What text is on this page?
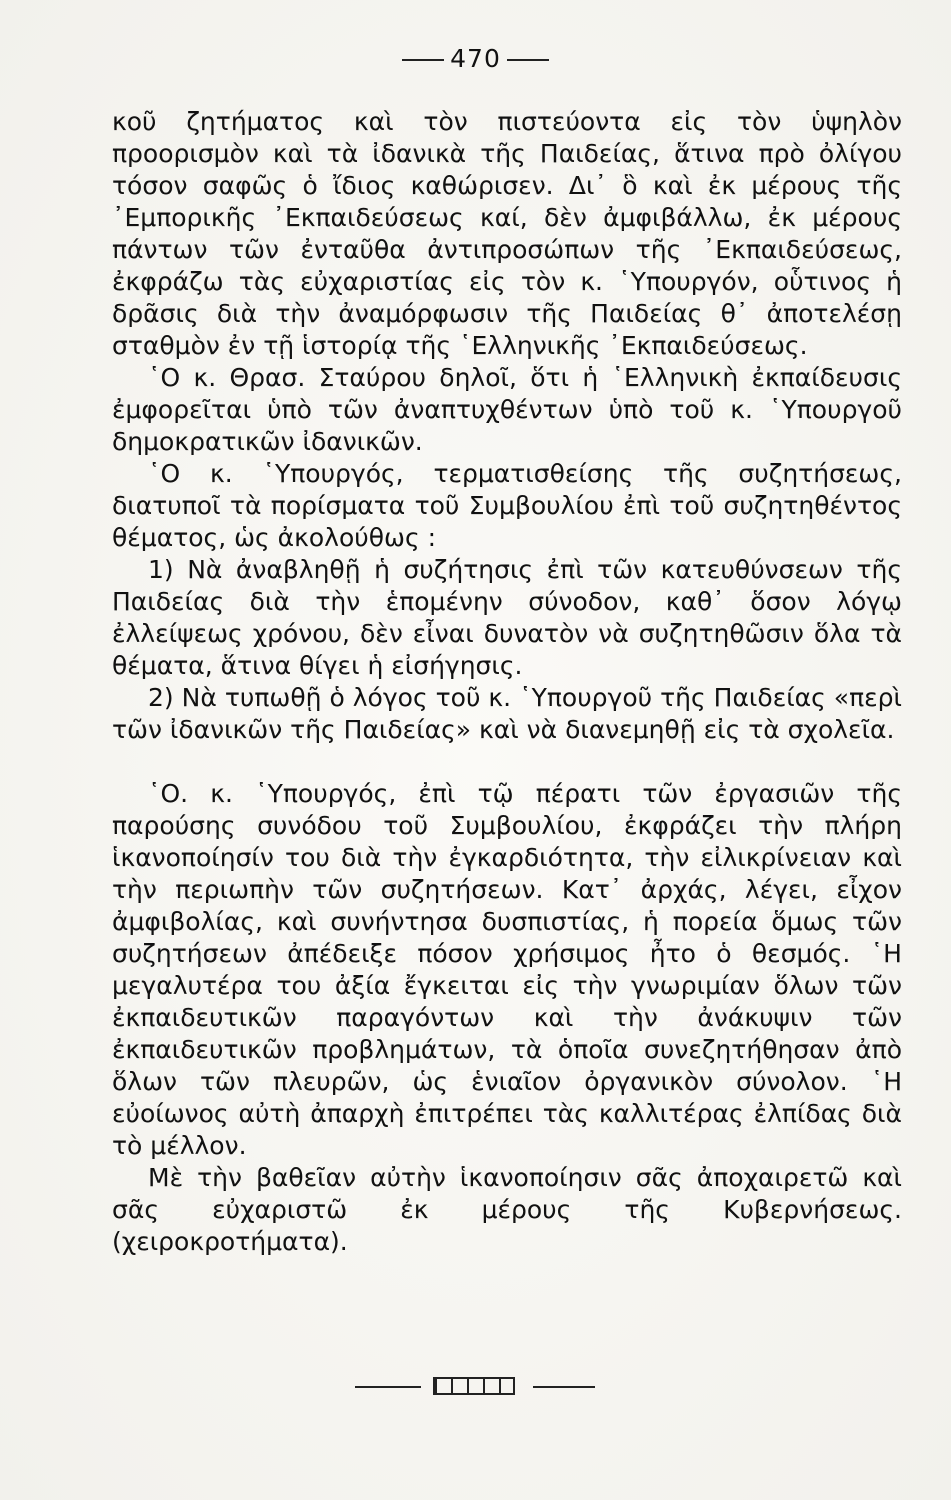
470

κοῦ ζητήματος καὶ τὸν πιστεύοντα εἰς τὸν ὑψηλὸν προορισμὸν καὶ τὰ ἰδανικὰ τῆς Παιδείας, ἅτινα πρὸ ὀλίγου τόσον σαφῶς ὁ ἴδιος καθώρισεν. Δι᾿ ὃ καὶ ἐκ μέρους τῆς ᾿Εμπορικῆς ᾿Εκπαιδεύσεως καί, δὲν ἀμφιβάλλω, ἐκ μέρους πάντων τῶν ἐνταῦθα ἀντιπροσώπων τῆς ᾿Εκπαιδεύσεως, ἐκφράζω τὰς εὐχαριστίας εἰς τὸν κ. ῾Υπουργόν, οὗτινος ἡ δρᾶσις διὰ τὴν ἀναμόρφωσιν τῆς Παιδείας θ᾿ ἀποτελέσῃ σταθμὸν ἐν τῇ ἱστορίᾳ τῆς ῾Ελληνικῆς ᾿Εκπαιδεύσεως.

῾Ο κ. Θρασ. Σταύρου δηλοῖ, ὅτι ἡ ῾Ελληνικὴ ἐκπαίδευσις ἐμφορεῖται ὑπὸ τῶν ἀναπτυχθέντων ὑπὸ τοῦ κ. ῾Υπουργοῦ δημοκρατικῶν ἰδανικῶν.

῾Ο κ. ῾Υπουργός, τερματισθείσης τῆς συζητήσεως, διατυποῖ τὰ πορίσματα τοῦ Συμβουλίου ἐπὶ τοῦ συζητηθέντος θέματος, ὡς ἀκολούθως :

1) Νὰ ἀναβληθῇ ἡ συζήτησις ἐπὶ τῶν κατευθύνσεων τῆς Παιδείας διὰ τὴν ἑπομένην σύνοδον, καθ᾿ ὅσον λόγῳ ἐλλείψεως χρόνου, δὲν εἶναι δυνατὸν νὰ συζητηθῶσιν ὅλα τὰ θέματα, ἅτινα θίγει ἡ εἰσήγησις.

2) Νὰ τυπωθῇ ὁ λόγος τοῦ κ. ῾Υπουργοῦ τῆς Παιδείας «περὶ τῶν ἰδανικῶν τῆς Παιδείας» καὶ νὰ διανεμηθῇ εἰς τὰ σχολεῖα.

῾Ο. κ. ῾Υπουργός, ἐπὶ τῷ πέρατι τῶν ἐργασιῶν τῆς παρούσης συνόδου τοῦ Συμβουλίου, ἐκφράζει τὴν πλήρη ἱκανοποίησίν του διὰ τὴν ἐγκαρδιότητα, τὴν εἰλικρίνειαν καὶ τὴν περιωπὴν τῶν συζητήσεων. Κατ᾿ ἀρχάς, λέγει, εἶχον ἀμφιβολίας, καὶ συνήντησα δυσπιστίας, ἡ πορεία ὅμως τῶν συζητήσεων ἀπέδειξε πόσον χρήσιμος ἦτο ὁ θεσμός. ῾Η μεγαλυτέρα του ἀξία ἔγκειται εἰς τὴν γνωριμίαν ὅλων τῶν ἐκπαιδευτικῶν παραγόντων καὶ τὴν ἀνάκυψιν τῶν ἐκπαιδευτικῶν προβλημάτων, τὰ ὁποῖα συνεζητήθησαν ἀπὸ ὅλων τῶν πλευρῶν, ὡς ἑνιαῖον ὀργανικὸν σύνολον. ῾Η εὐοίωνος αὐτὴ ἀπαρχὴ ἐπιτρέπει τὰς καλλιτέρας ἐλπίδας διὰ τὸ μέλλον.

Μὲ τὴν βαθεῖαν αὐτὴν ἱκανοποίησιν σᾶς ἀποχαιρετῶ καὶ σᾶς εὐχαριστῶ ἐκ μέρους τῆς Κυβερνήσεως. (χειροκροτήματα).
